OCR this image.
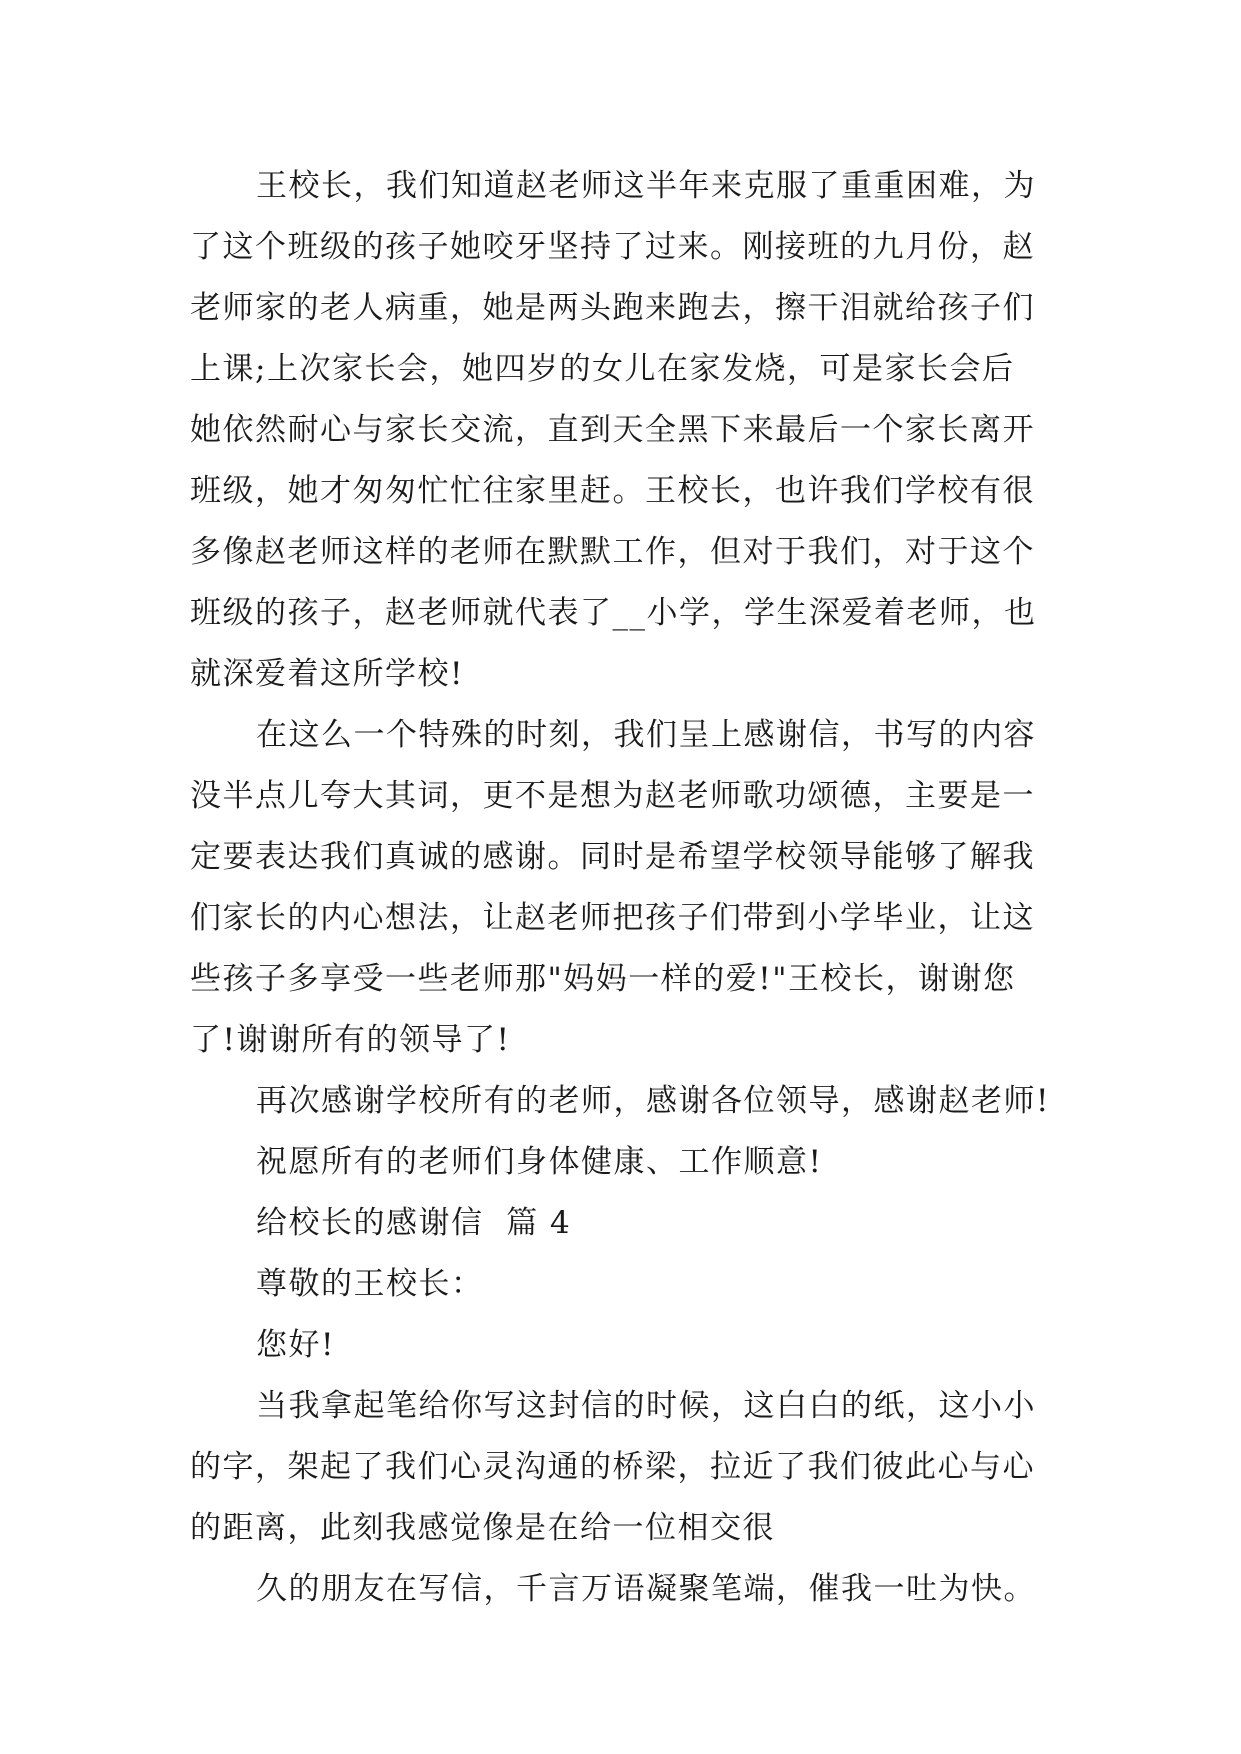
王校长，我们知道赵老师这半年来克服了重重困难，为
了这个班级的孩子她咬牙坚持了过来。刚接班的九月份，赵
老师家的老人病重，她是两头跑来跑去，擦干泪就给孩子们
上课;上次家长会，她四岁的女儿在家发烧，可是家长会后
她依然耐心与家长交流，直到天全黑下来最后一个家长离开
班级，她才匆匆忙忙往家里赶。王校长，也许我们学校有很
多像赵老师这样的老师在默默工作，但对于我们，对于这个
班级的孩子，赵老师就代表了__小学，学生深爱着老师，也
就深爱着这所学校!
在这么一个特殊的时刻，我们呈上感谢信，书写的内容
没半点儿夸大其词，更不是想为赵老师歌功颂德，主要是一
定要表达我们真诚的感谢。同时是希望学校领导能够了解我
们家长的内心想法，让赵老师把孩子们带到小学毕业，让这
些孩子多享受一些老师那"妈妈一样的爱!"王校长，谢谢您
了!谢谢所有的领导了!
再次感谢学校所有的老师，感谢各位领导，感谢赵老师!
祝愿所有的老师们身体健康、工作顺意!
给校长的感谢信  篇 4
尊敬的王校长：
您好!
当我拿起笔给你写这封信的时候，这白白的纸，这小小
的字，架起了我们心灵沟通的桥梁，拉近了我们彼此心与心
的距离，此刻我感觉像是在给一位相交很
久的朋友在写信，千言万语凝聚笔端，催我一吐为快。
